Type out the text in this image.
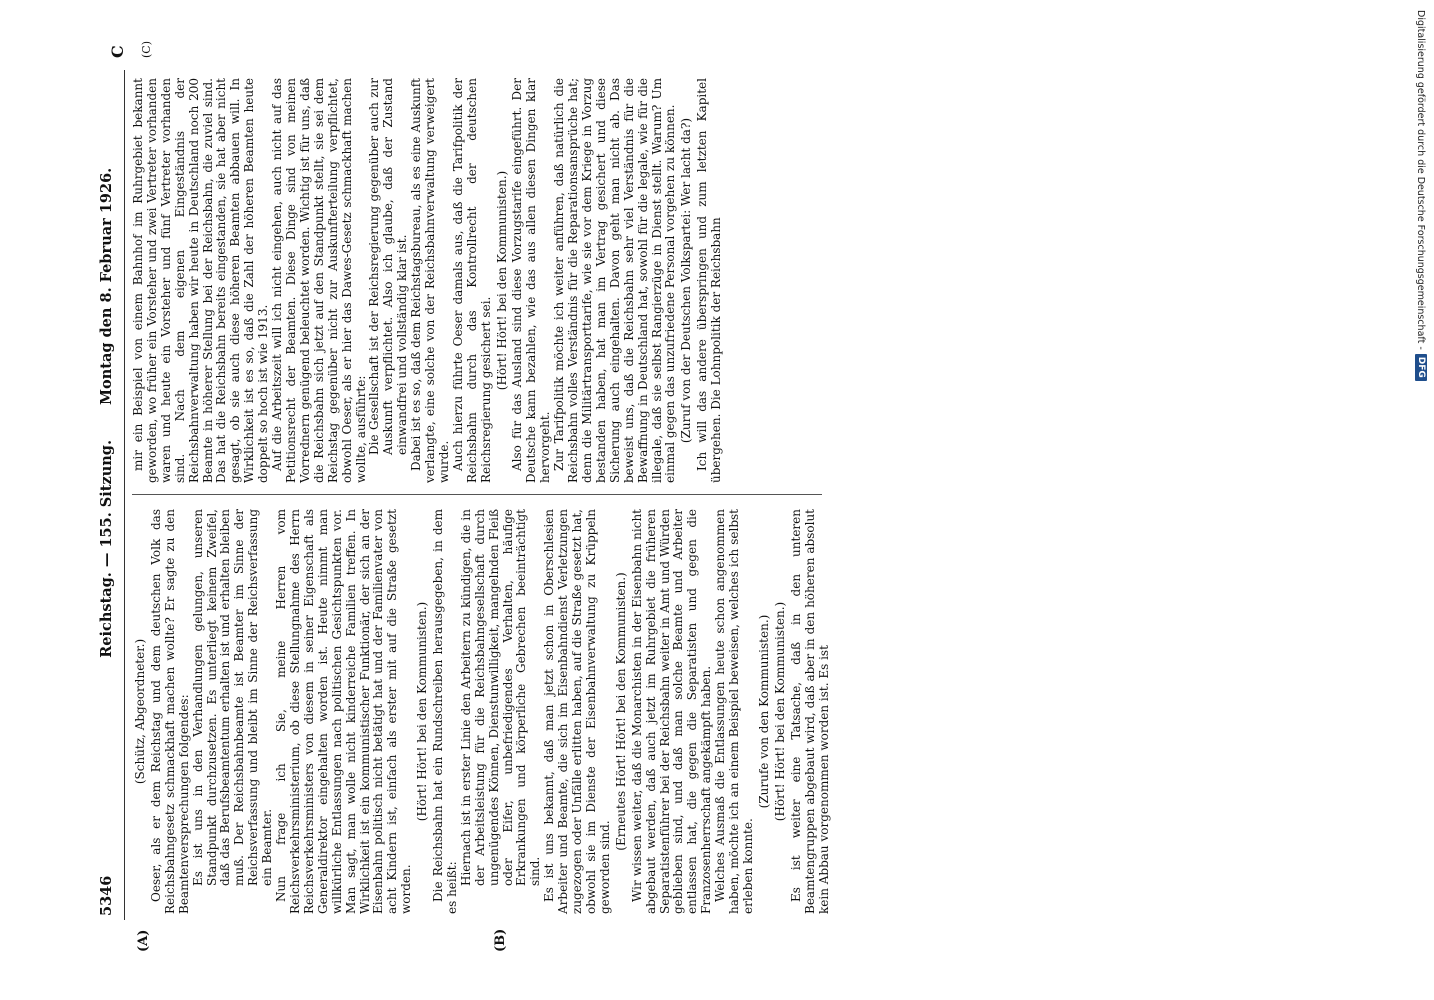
5346
Reichstag. — 155. Sitzung.
Montag den 8. Februar 1926.
(A)	(B)
C (C)

(Schütz, Abgeordneter.) Oeser, als er dem Reichstag und dem deutschen Volk das Reichsbahngesetz schmackhaft machen wollte? Er sagte zu den Beamtenversprechungen folgendes: Es ist uns in den Verhandlungen gelungen, unseren Standpunkt durchzusetzen. Es unterliegt keinem Zweifel, daß das Berufsbeamtentum erhalten ist und erhalten bleiben muß. Der Reichsbahnbeamte ist Beamter im Sinne der Reichsverfassung und bleibt im Sinne der Reichsverfassung ein Beamter. Nun frage ich Sie, meine Herren vom Reichsverkehrsministerium, ob diese Stellungnahme des Herrn Reichsverkehrsministers von diesem in seiner Eigenschaft als Generaldirektor eingehalten worden ist. Heute nimmt man willkürliche Entlassungen nach politischen Gesichtspunkten vor. Man sagt, man wolle nicht kinderreiche Familien treffen. In Wirklichkeit ist ein kommunistischer Funktionär, der sich an der Eisenbahn politisch nicht betätigt hat und der Familienvater von acht Kindern ist, einfach als erster mit auf die Straße gesetzt worden.

(Hört! Hört! bei den Kommunisten.) Die Reichsbahn hat ein Rundschreiben herausgegeben, in dem es heißt:

Hiernach ist in erster Linie den Arbeitern zu kündigen, die in der Arbeitsleistung für die Reichsbahngesellschaft durch ungenügendes Können, Dienstunwilligkeit, mangelnden Fleiß oder Eifer, unbefriedigendes Verhalten, häufige Erkrankungen und körperliche Gebrechen beeinträchtigt sind. Es ist uns bekannt, daß man jetzt schon in Oberschlesien Arbeiter und Beamte, die sich im Eisenbahndienst Verletzungen zugezogen oder Unfälle erlitten haben, auf die Straße gesetzt hat, obwohl sie im Dienste der Eisenbahnverwaltung zu Krüppeln geworden sind.

(Erneutes Hört! Hört! bei den Kommunisten.) Wir wissen weiter, daß die Monarchisten in der Eisenbahn nicht abgebaut werden, daß auch jetzt im Ruhrgebiet die früheren Separatistenführer bei der Reichsbahn weiter in Amt und Würden geblieben sind, und daß man solche Beamte und Arbeiter entlassen hat, die gegen die Separatisten und gegen die Franzosenherrschaft angekämpft haben. Welches Ausmaß die Entlassungen heute schon angenommen haben, möchte ich an einem Beispiel beweisen, welches ich selbst erleben konnte.

(Zurufe von den Kommunisten.) (Hört! Hört! bei den Kommunisten.) Es ist weiter eine Tatsache, daß in den unteren Beamtengruppen abgebaut wird, daß aber in den höheren absolut kein Abbau vorgenommen worden ist. Es ist

mir ein Beispiel von einem Bahnhof im Ruhrgebiet bekannt geworden, wo früher ein Vorsteher und zwei Vertreter vorhanden waren und heute ein Vorsteher und fünf Vertreter vorhanden sind. Nach dem eigenen Eingeständnis der Reichsbahnverwaltung haben wir heute in Deutschland noch 200 Beamte in höherer Stellung bei der Reichsbahn, die zuviel sind. Das hat die Reichsbahn bereits eingestanden, sie hat aber nicht gesagt, ob sie auch diese höheren Beamten abbauen will. In Wirklichkeit ist es so, daß die Zahl der höheren Beamten heute doppelt so hoch ist wie 1913. Auf die Arbeitszeit will ich nicht eingehen, auch nicht auf das Petitionsrecht der Beamten. Diese Dinge sind von meinen Vorrednern genügend beleuchtet worden. Wichtig ist für uns, daß die Reichsbahn sich jetzt auf den Standpunkt stellt, sie sei dem Reichstag gegenüber nicht zur Auskunfterteilung verpflichtet, obwohl Oeser, als er hier das Dawes-Gesetz schmackhaft machen wollte, ausführte: Die Gesellschaft ist der Reichsregierung gegenüber auch zur Auskunft verpflichtet. Also ich glaube, daß der Zustand einwandfrei und vollständig klar ist. Dabei ist es so, daß dem Reichstagsbureau, als es eine Auskunft verlangte, eine solche von der Reichsbahnverwaltung verweigert wurde. Auch hierzu führte Oeser damals aus, daß die Tarifpolitik der Reichsbahn durch das Kontrollrecht der deutschen Reichsregierung gesichert sei. (Hört! Hört! bei den Kommunisten.) Also für das Ausland sind diese Vorzugstarife eingeführt. Der Deutsche kann bezahlen, wie das aus allen diesen Dingen klar hervorgeht. Zur Tarifpolitik möchte ich weiter anführen, daß natürlich die Reichsbahn volles Verständnis für die Reparationsansprüche hat; denn die Militärtransporttarife, wie sie vor dem Kriege in Vorzug bestanden haben, hat man im Vertrag gesichert und diese Sicherung auch eingehalten. Davon geht man nicht ab. Das beweist uns, daß die Reichsbahn sehr viel Verständnis für die Bewaffnung in Deutschland hat, sowohl für die legale, wie für die illegale, daß sie selbst Rangierzüge in Dienst stellt. Warum? Um einmal gegen das unzufriedene Personal vorgehen zu können. (Zuruf von der Deutschen Volkspartei: Wer lacht da?) Ich will das andere überspringen und zum letzten Kapitel übergehen. Die Lohnpolitik der Reichsbahn

Digitalisierung gefördert durch die Deutsche Forschungsgemeinschaft -
DFG
